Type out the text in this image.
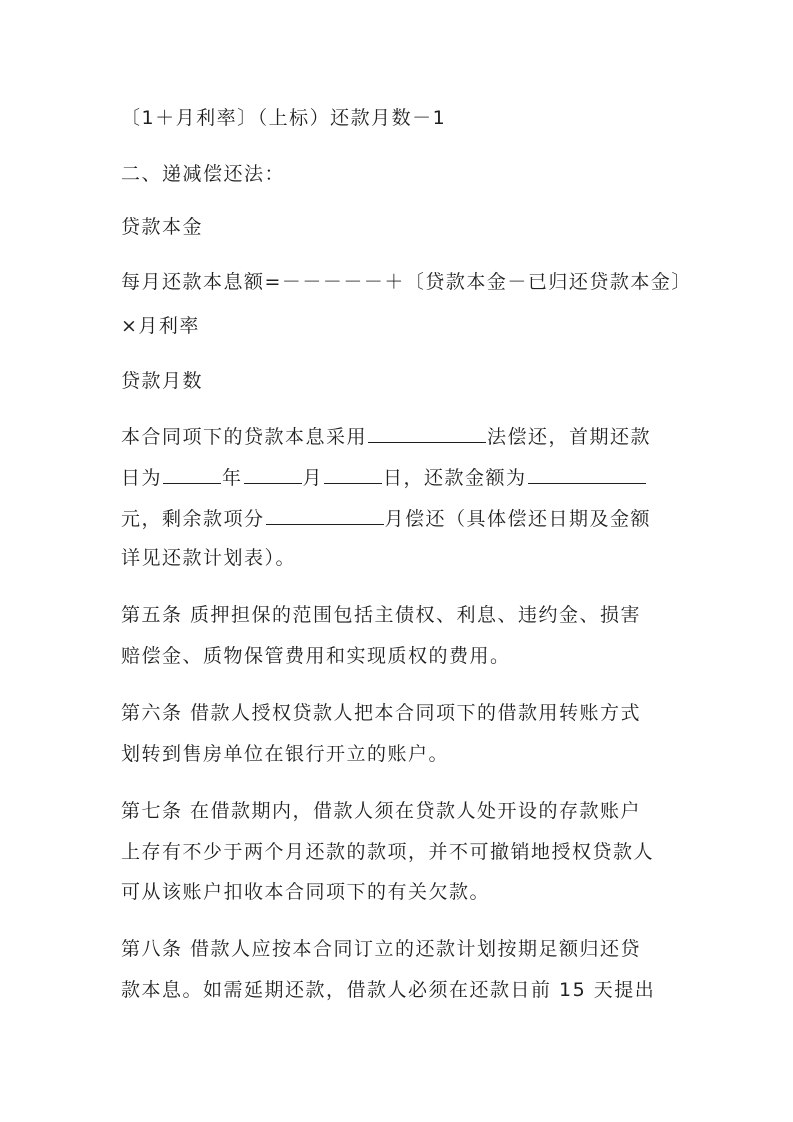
〔1＋月利率〕（上标）还款月数－1
二、递减偿还法：
贷款本金
每月还款本息额=－－－－－＋〔贷款本金－已归还贷款本金〕
×月利率
贷款月数
本合同项下的贷款本息采用	法偿还，首期还款
日为	年	月	日，还款金额为
元，剩余款项分	月偿还（具体偿还日期及金额
详见还款计划表）。
第五条 质押担保的范围包括主债权、利息、违约金、损害
赔偿金、质物保管费用和实现质权的费用。
第六条 借款人授权贷款人把本合同项下的借款用转账方式
划转到售房单位在银行开立的账户。
第七条 在借款期内，借款人须在贷款人处开设的存款账户
上存有不少于两个月还款的款项，并不可撤销地授权贷款人
可从该账户扣收本合同项下的有关欠款。
第八条 借款人应按本合同订立的还款计划按期足额归还贷
款本息。如需延期还款，借款人必须在还款日前 15 天提出
